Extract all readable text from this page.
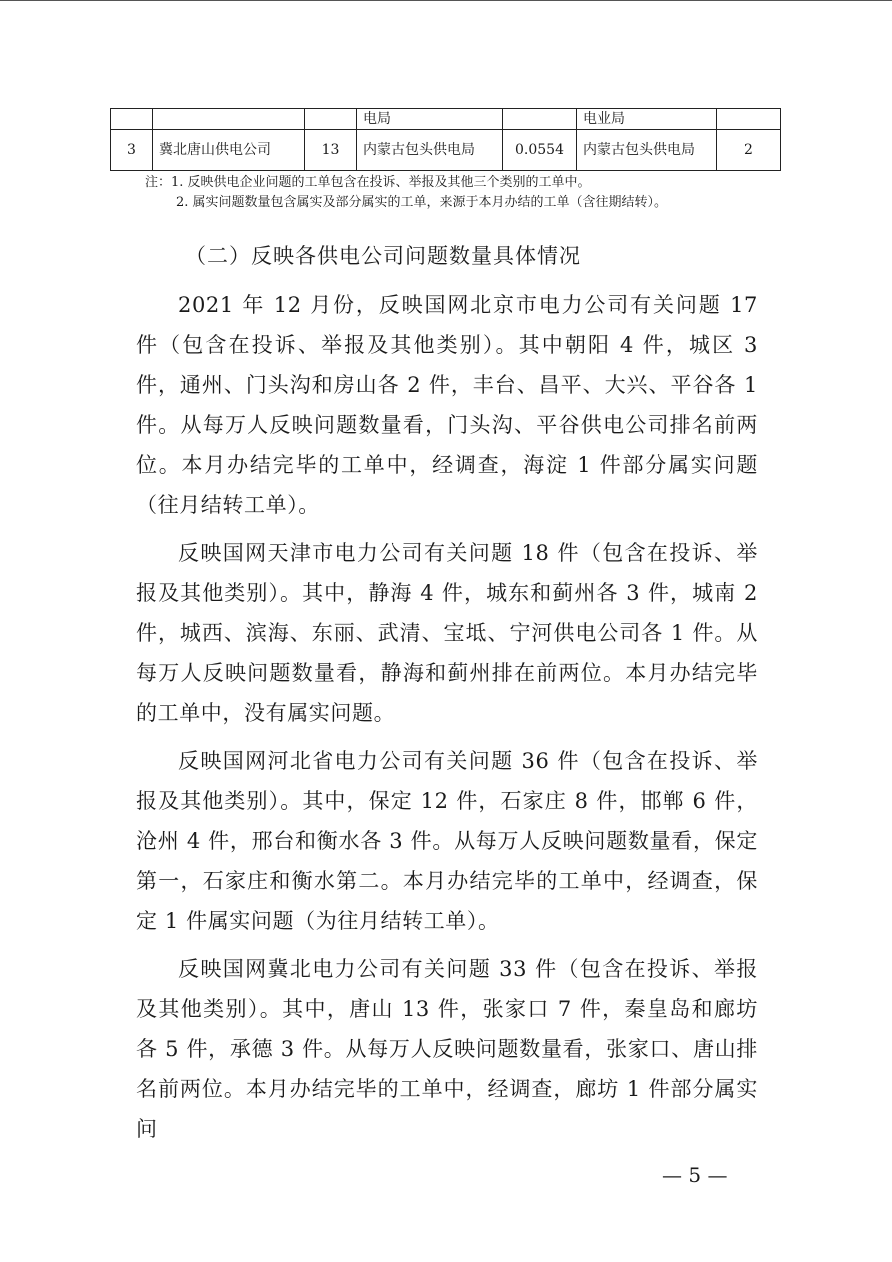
			电局		电业局	
3	冀北唐山供电公司	13	内蒙古包头供电局	0.0554	内蒙古包头供电局	2
注：1. 反映供电企业问题的工单包含在投诉、举报及其他三个类别的工单中。
2. 属实问题数量包含属实及部分属实的工单，来源于本月办结的工单（含往期结转）。
（二）反映各供电公司问题数量具体情况

2021 年 12 月份，反映国网北京市电力公司有关问题 17 件（包含在投诉、举报及其他类别）。其中朝阳 4 件，城区 3 件，通州、门头沟和房山各 2 件，丰台、昌平、大兴、平谷各 1 件。从每万人反映问题数量看，门头沟、平谷供电公司排名前两位。本月办结完毕的工单中，经调查，海淀 1 件部分属实问题（往月结转工单）。

反映国网天津市电力公司有关问题 18 件（包含在投诉、举报及其他类别）。其中，静海 4 件，城东和蓟州各 3 件，城南 2 件，城西、滨海、东丽、武清、宝坻、宁河供电公司各 1 件。从每万人反映问题数量看，静海和蓟州排在前两位。本月办结完毕的工单中，没有属实问题。

反映国网河北省电力公司有关问题 36 件（包含在投诉、举报及其他类别）。其中，保定 12 件，石家庄 8 件，邯郸 6 件，沧州 4 件，邢台和衡水各 3 件。从每万人反映问题数量看，保定第一，石家庄和衡水第二。本月办结完毕的工单中，经调查，保定 1 件属实问题（为往月结转工单）。

反映国网冀北电力公司有关问题 33 件（包含在投诉、举报及其他类别）。其中，唐山 13 件，张家口 7 件，秦皇岛和廊坊各 5 件，承德 3 件。从每万人反映问题数量看，张家口、唐山排名前两位。本月办结完毕的工单中，经调查，廊坊 1 件部分属实问

— 5 —
